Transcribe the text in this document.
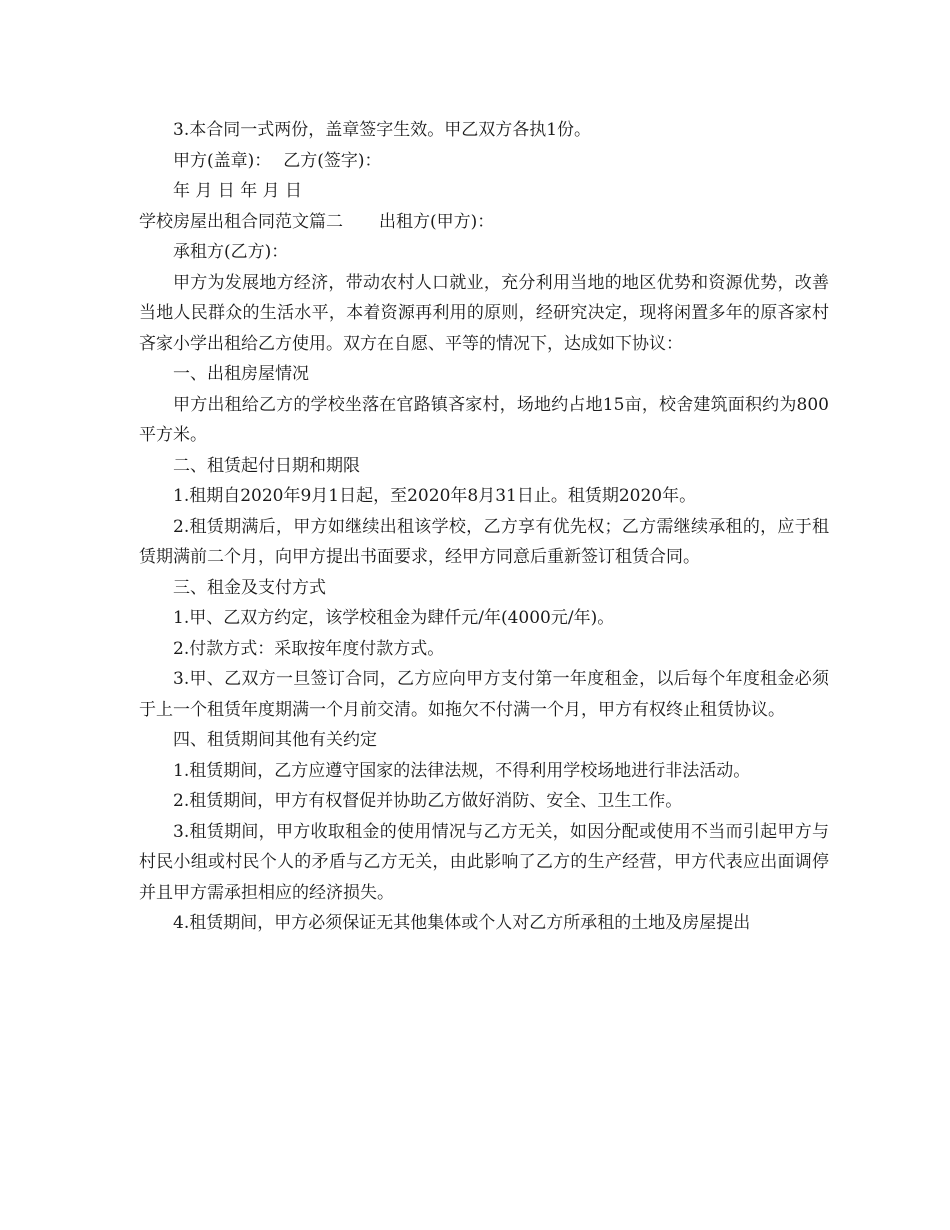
3.本合同一式两份，盖章签字生效。甲乙双方各执1份。

甲方(盖章)： 乙方(签字)：

年 月 日 年 月 日

学校房屋出租合同范文篇二 出租方(甲方)：

承租方(乙方)：

甲方为发展地方经济，带动农村人口就业，充分利用当地的地区优势和资源优势，改善当地人民群众的生活水平，本着资源再利用的原则，经研究决定，现将闲置多年的原吝家村吝家小学出租给乙方使用。双方在自愿、平等的情况下，达成如下协议：

一、出租房屋情况

甲方出租给乙方的学校坐落在官路镇吝家村，场地约占地15亩，校舍建筑面积约为800平方米。

二、租赁起付日期和期限

1.租期自2020年9月1日起，至2020年8月31日止。租赁期2020年。

2.租赁期满后，甲方如继续出租该学校，乙方享有优先权；乙方需继续承租的，应于租赁期满前二个月，向甲方提出书面要求，经甲方同意后重新签订租赁合同。

三、租金及支付方式

1.甲、乙双方约定，该学校租金为肆仟元/年(4000元/年)。

2.付款方式：采取按年度付款方式。

3.甲、乙双方一旦签订合同，乙方应向甲方支付第一年度租金，以后每个年度租金必须于上一个租赁年度期满一个月前交清。如拖欠不付满一个月，甲方有权终止租赁协议。

四、租赁期间其他有关约定

1.租赁期间，乙方应遵守国家的法律法规，不得利用学校场地进行非法活动。

2.租赁期间，甲方有权督促并协助乙方做好消防、安全、卫生工作。

3.租赁期间，甲方收取租金的使用情况与乙方无关，如因分配或使用不当而引起甲方与村民小组或村民个人的矛盾与乙方无关，由此影响了乙方的生产经营，甲方代表应出面调停并且甲方需承担相应的经济损失。

4.租赁期间，甲方必须保证无其他集体或个人对乙方所承租的土地及房屋提出
